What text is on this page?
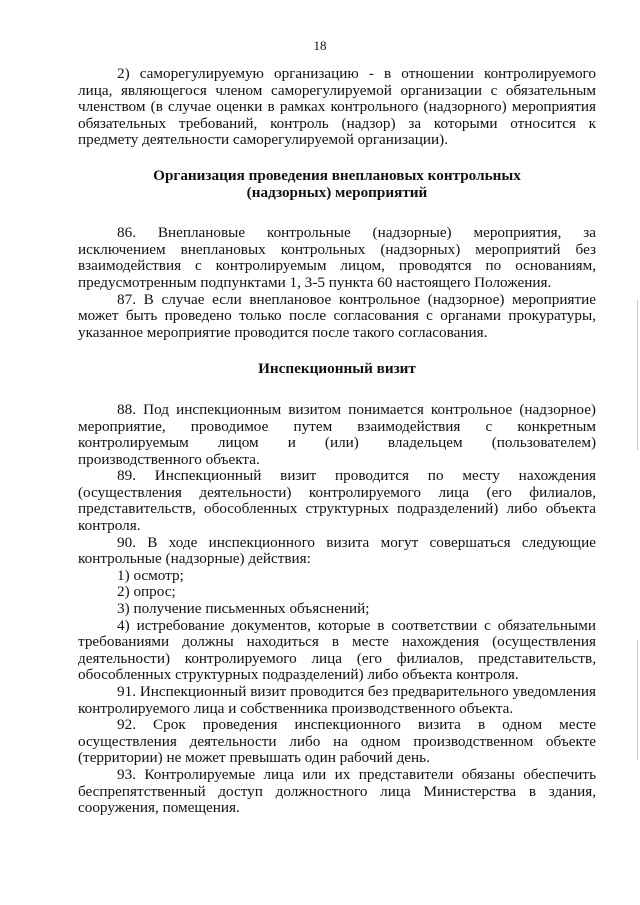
18

2) саморегулируемую организацию - в отношении контролируемого лица, являющегося членом саморегулируемой организации с обязательным членством (в случае оценки в рамках контрольного (надзорного) мероприятия обязательных требований, контроль (надзор) за которыми относится к предмету деятельности саморегулируемой организации).

Организация проведения внеплановых контрольных (надзорных) мероприятий

86. Внеплановые контрольные (надзорные) мероприятия, за исключением внеплановых контрольных (надзорных) мероприятий без взаимодействия с контролируемым лицом, проводятся по основаниям, предусмотренным подпунктами 1, 3-5 пункта 60 настоящего Положения.

87. В случае если внеплановое контрольное (надзорное) мероприятие может быть проведено только после согласования с органами прокуратуры, указанное мероприятие проводится после такого согласования.

Инспекционный визит

88. Под инспекционным визитом понимается контрольное (надзорное) мероприятие, проводимое путем взаимодействия с конкретным контролируемым лицом и (или) владельцем (пользователем) производственного объекта.

89. Инспекционный визит проводится по месту нахождения (осуществления деятельности) контролируемого лица (его филиалов, представительств, обособленных структурных подразделений) либо объекта контроля.

90. В ходе инспекционного визита могут совершаться следующие контрольные (надзорные) действия:

1) осмотр;

2) опрос;

3) получение письменных объяснений;

4) истребование документов, которые в соответствии с обязательными требованиями должны находиться в месте нахождения (осуществления деятельности) контролируемого лица (его филиалов, представительств, обособленных структурных подразделений) либо объекта контроля.

91. Инспекционный визит проводится без предварительного уведомления контролируемого лица и собственника производственного объекта.

92. Срок проведения инспекционного визита в одном месте осуществления деятельности либо на одном производственном объекте (территории) не может превышать один рабочий день.

93. Контролируемые лица или их представители обязаны обеспечить беспрепятственный доступ должностного лица Министерства в здания, сооружения, помещения.
